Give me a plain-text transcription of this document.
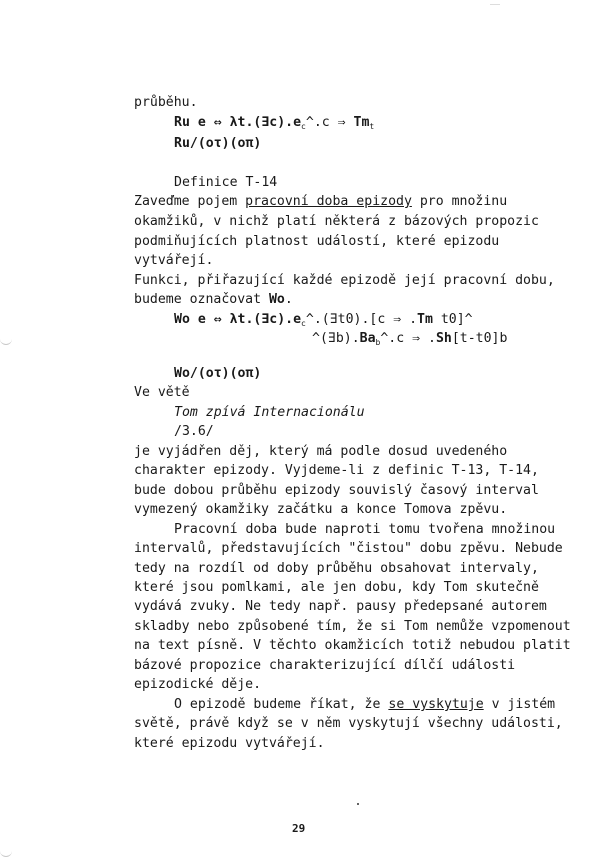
průběhu.
Ru e ⇔ $\lambda t.(\exists c).e_c\^{}.c$ ⇒ $Tm_t$
Ru/(οτ)(οπ)
Definice T-14
Zaveďme pojem pracovní doba epizody pro množinu
okamžiků, v nichž platí některá z bázových propozic
podmiňujících platnost událostí, které epizodu
vytvářejí.
Funkci, přiřazující každé epizodě její pracovní dobu,
budeme označovat Wo.
Wo e ⇔ $\lambda t.(\exists c).e_c\^{}.(\exists t0).[c$ ⇒ .Tm t0]^
$\^{}(\exists b).Ba_b\^{}.c$ ⇒ .Sh[t-t0]b
Wo/(οτ)(οπ)
Ve větě
Tom zpívá Internacionálu
/3.6/
je vyjádřen děj, který má podle dosud uvedeného
charakter epizody. Vyjdeme-li z definic T-13, T-14,
bude dobou průběhu epizody souvislý časový interval
vymezený okamžiky začátku a konce Tomova zpěvu.
Pracovní doba bude naproti tomu tvořena množinou
intervalů, představujících "čistou" dobu zpěvu. Nebude
tedy na rozdíl od doby průběhu obsahovat intervaly,
které jsou pomlkami, ale jen dobu, kdy Tom skutečně
vydává zvuky. Ne tedy např. pausy předepsané autorem
skladby nebo způsobené tím, že si Tom nemůže vzpomenout
na text písně. V těchto okamžicích totiž nebudou platit
bázové propozice charakterizující dílčí události
epizodické děje.
O epizodě budeme říkat, že se vyskytuje v jistém
světě, právě když se v něm vyskytují všechny události,
které epizodu vytvářejí.
29
